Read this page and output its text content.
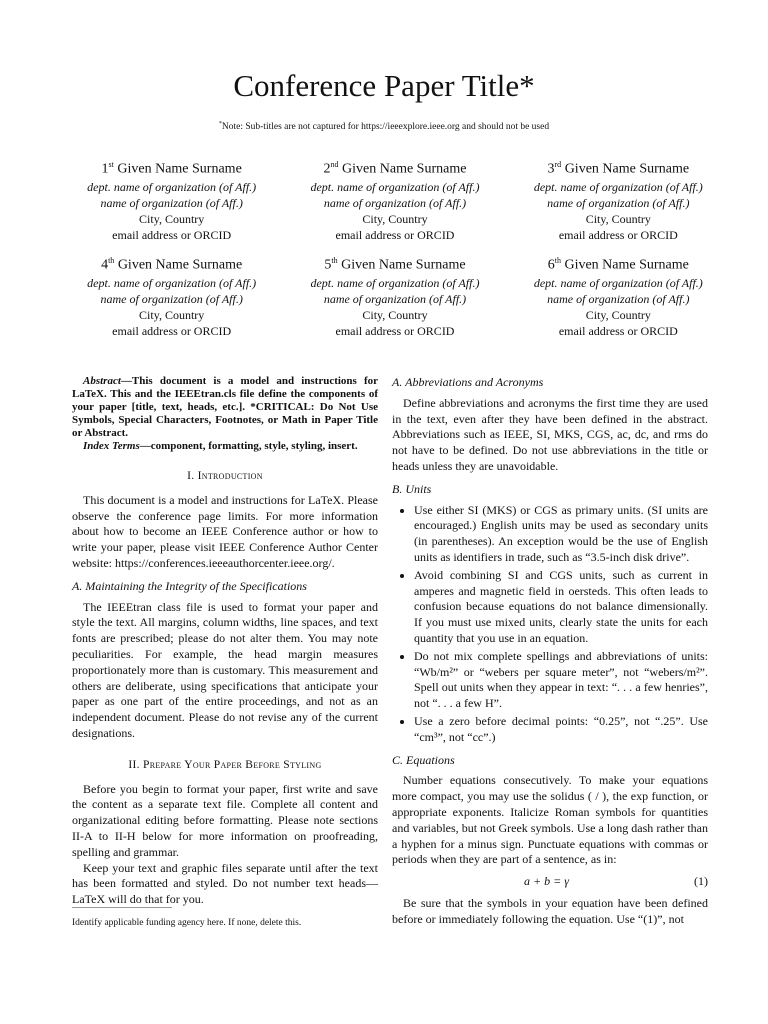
Conference Paper Title*
*Note: Sub-titles are not captured for https://ieeexplore.ieee.org and should not be used
1st Given Name Surname
dept. name of organization (of Aff.)
name of organization (of Aff.)
City, Country
email address or ORCID
2nd Given Name Surname
dept. name of organization (of Aff.)
name of organization (of Aff.)
City, Country
email address or ORCID
3rd Given Name Surname
dept. name of organization (of Aff.)
name of organization (of Aff.)
City, Country
email address or ORCID
4th Given Name Surname
dept. name of organization (of Aff.)
name of organization (of Aff.)
City, Country
email address or ORCID
5th Given Name Surname
dept. name of organization (of Aff.)
name of organization (of Aff.)
City, Country
email address or ORCID
6th Given Name Surname
dept. name of organization (of Aff.)
name of organization (of Aff.)
City, Country
email address or ORCID

Abstract—This document is a model and instructions for LaTeX. This and the IEEEtran.cls file define the components of your paper [title, text, heads, etc.]. *CRITICAL: Do Not Use Symbols, Special Characters, Footnotes, or Math in Paper Title or Abstract.

Index Terms—component, formatting, style, styling, insert.

I. Introduction

This document is a model and instructions for LaTeX. Please observe the conference page limits. For more information about how to become an IEEE Conference author or how to write your paper, please visit IEEE Conference Author Center website: https://conferences.ieeeauthorcenter.ieee.org/.

A. Maintaining the Integrity of the Specifications

The IEEEtran class file is used to format your paper and style the text. All margins, column widths, line spaces, and text fonts are prescribed; please do not alter them. You may note peculiarities. For example, the head margin measures proportionately more than is customary. This measurement and others are deliberate, using specifications that anticipate your paper as one part of the entire proceedings, and not as an independent document. Please do not revise any of the current designations.

II. Prepare Your Paper Before Styling

Before you begin to format your paper, first write and save the content as a separate text file. Complete all content and organizational editing before formatting. Please note sections II-A to II-H below for more information on proofreading, spelling and grammar.

Keep your text and graphic files separate until after the text has been formatted and styled. Do not number text heads—LaTeX will do that for you.

A. Abbreviations and Acronyms

Define abbreviations and acronyms the first time they are used in the text, even after they have been defined in the abstract. Abbreviations such as IEEE, SI, MKS, CGS, ac, dc, and rms do not have to be defined. Do not use abbreviations in the title or heads unless they are unavoidable.

B. Units
• Use either SI (MKS) or CGS as primary units. (SI units are encouraged.) English units may be used as secondary units (in parentheses). An exception would be the use of English units as identifiers in trade, such as “3.5-inch disk drive”.
• Avoid combining SI and CGS units, such as current in amperes and magnetic field in oersteds. This often leads to confusion because equations do not balance dimensionally. If you must use mixed units, clearly state the units for each quantity that you use in an equation.
• Do not mix complete spellings and abbreviations of units: “Wb/m²” or “webers per square meter”, not “webers/m²”. Spell out units when they appear in text: “. . . a few henries”, not “. . . a few H”.
• Use a zero before decimal points: “0.25”, not “.25”. Use “cm³”, not “cc”.)
C. Equations

Number equations consecutively. To make your equations more compact, you may use the solidus ( / ), the exp function, or appropriate exponents. Italicize Roman symbols for quantities and variables, but not Greek symbols. Use a long dash rather than a hyphen for a minus sign. Punctuate equations with commas or periods when they are part of a sentence, as in:

a + b = γ	(1)

Be sure that the symbols in your equation have been defined before or immediately following the equation. Use “(1)”, not

Identify applicable funding agency here. If none, delete this.
